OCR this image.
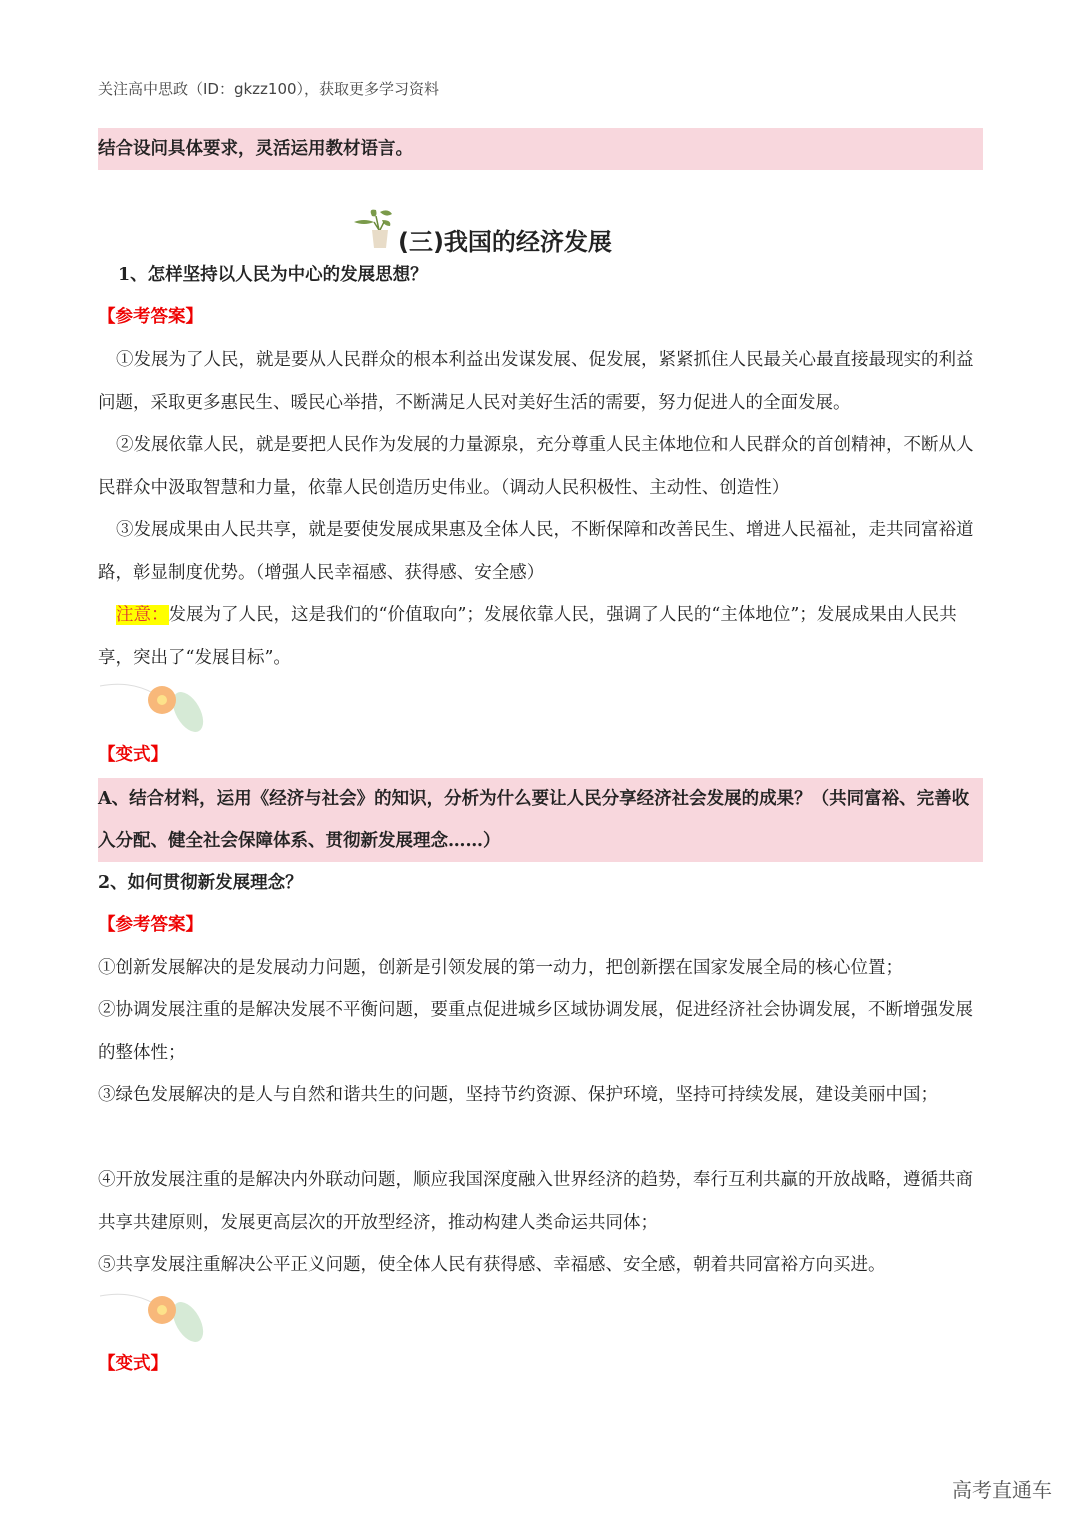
关注高中思政（ID：gkzz100），获取更多学习资料
结合设问具体要求，灵活运用教材语言。
(三)我国的经济发展
1、怎样坚持以人民为中心的发展思想？
【参考答案】
①发展为了人民，就是要从人民群众的根本利益出发谋发展、促发展，紧紧抓住人民最关心最直接最现实的利益问题，采取更多惠民生、暖民心举措，不断满足人民对美好生活的需要，努力促进人的全面发展。
②发展依靠人民，就是要把人民作为发展的力量源泉，充分尊重人民主体地位和人民群众的首创精神，不断从人民群众中汲取智慧和力量，依靠人民创造历史伟业。（调动人民积极性、主动性、创造性）
③发展成果由人民共享，就是要使发展成果惠及全体人民，不断保障和改善民生、增进人民福祉，走共同富裕道路，彰显制度优势。（增强人民幸福感、获得感、安全感）
注意：发展为了人民，这是我们的“价值取向”；发展依靠人民，强调了人民的“主体地位”；发展成果由人民共享，突出了“发展目标”。
【变式】
A、结合材料，运用《经济与社会》的知识，分析为什么要让人民分享经济社会发展的成果？（共同富裕、完善收入分配、健全社会保障体系、贯彻新发展理念……）
2、如何贯彻新发展理念？
【参考答案】
①创新发展解决的是发展动力问题，创新是引领发展的第一动力，把创新摆在国家发展全局的核心位置；
②协调发展注重的是解决发展不平衡问题，要重点促进城乡区域协调发展，促进经济社会协调发展，不断增强发展的整体性；
③绿色发展解决的是人与自然和谐共生的问题，坚持节约资源、保护环境，坚持可持续发展，建设美丽中国；
④开放发展注重的是解决内外联动问题，顺应我国深度融入世界经济的趋势，奉行互利共赢的开放战略，遵循共商共享共建原则，发展更高层次的开放型经济，推动构建人类命运共同体；
⑤共享发展注重解决公平正义问题，使全体人民有获得感、幸福感、安全感，朝着共同富裕方向买进。
【变式】
高考直通车
